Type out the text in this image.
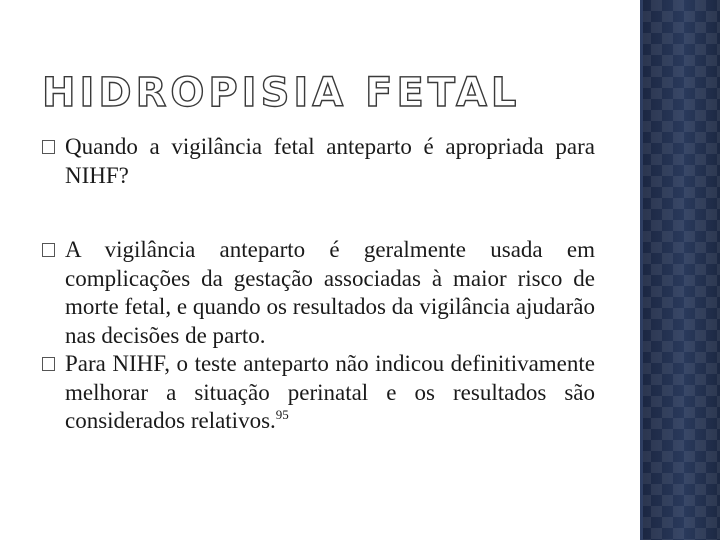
HIDROPISIA FETAL
Quando a vigilância fetal anteparto é apropriada para NIHF?
A vigilância anteparto é geralmente usada em complicações da gestação associadas à maior risco de morte fetal, e quando os resultados da vigilância ajudarão nas decisões de parto.
Para NIHF, o teste anteparto não indicou definitivamente melhorar a situação perinatal e os resultados são considerados relativos.$^{95}$
